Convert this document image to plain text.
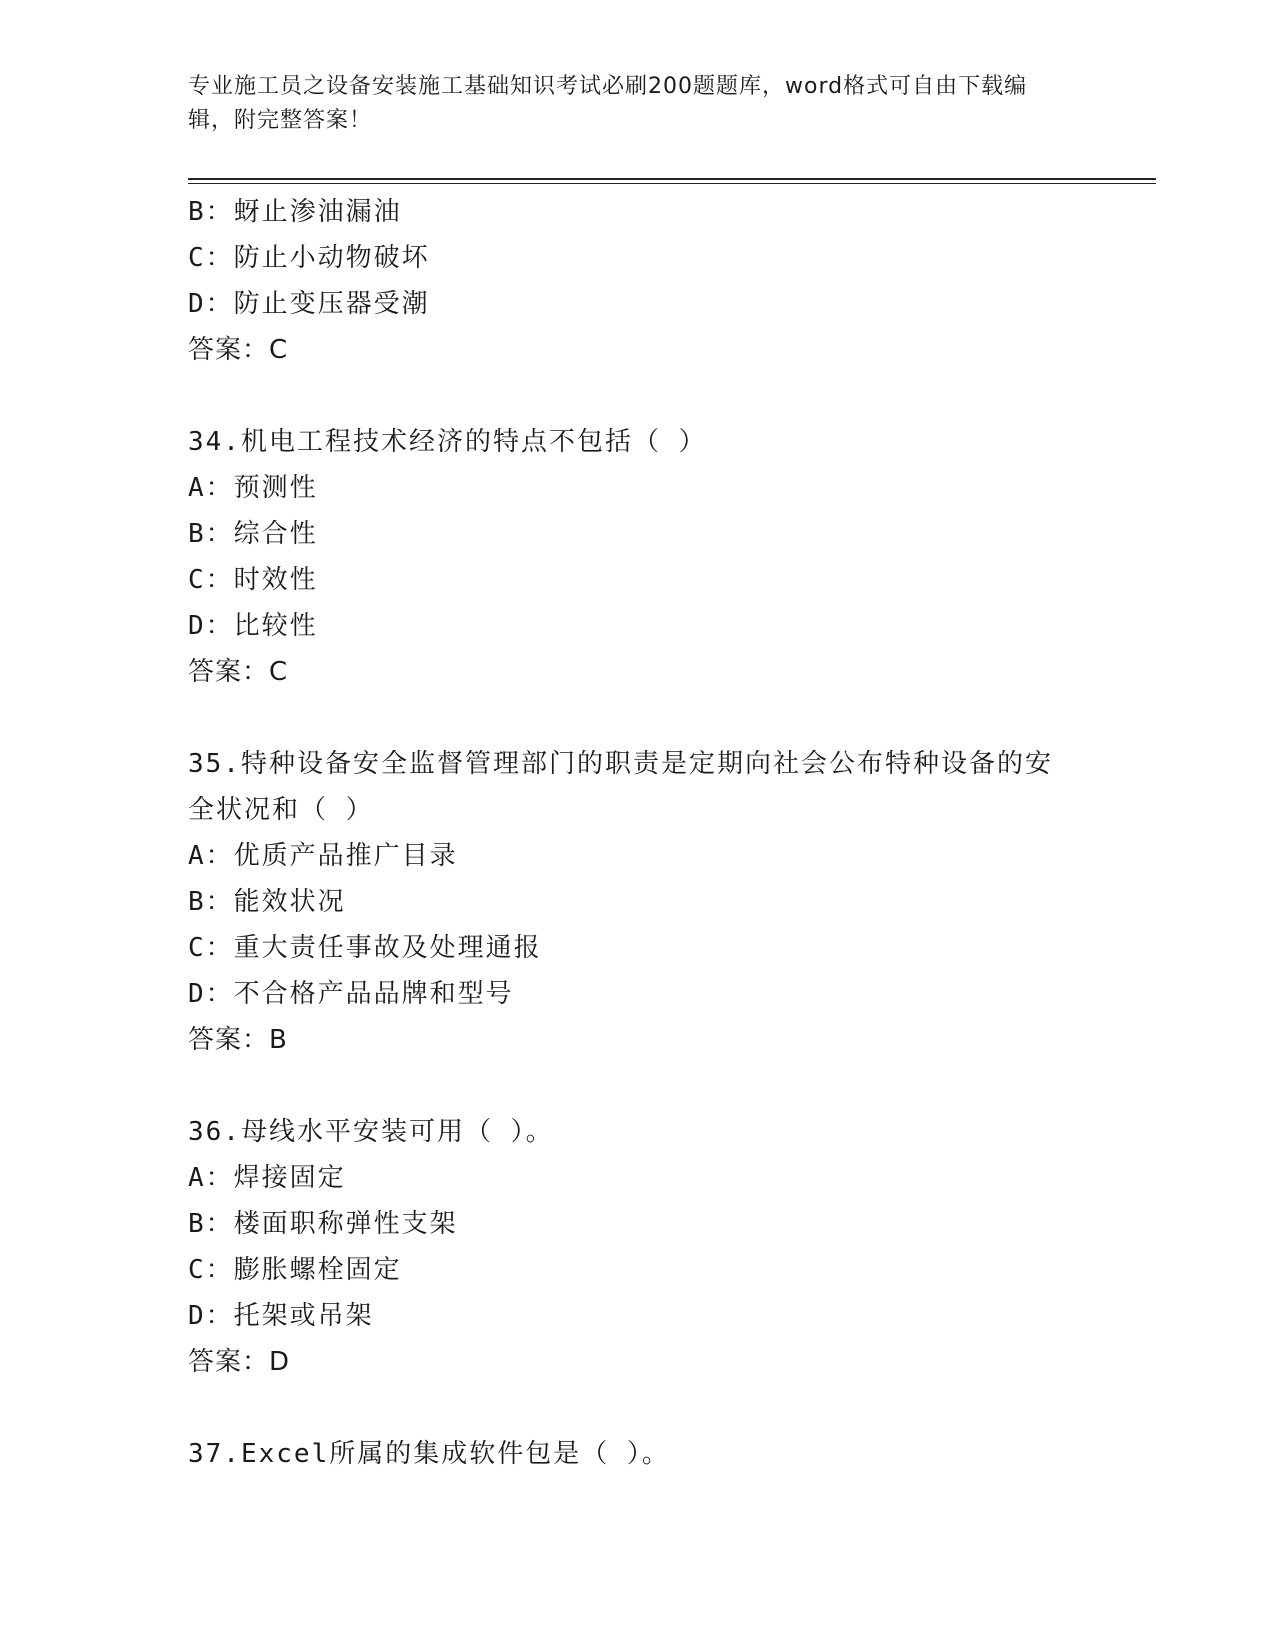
专业施工员之设备安装施工基础知识考试必刷200题题库，word格式可自由下载编辑，附完整答案！
B：蚜止渗油漏油
C：防止小动物破坏
D：防止变压器受潮
答案：C
34.机电工程技术经济的特点不包括（ ）
A：预测性
B：综合性
C：时效性
D：比较性
答案：C
35.特种设备安全监督管理部门的职责是定期向社会公布特种设备的安
全状况和（ ）
A：优质产品推广目录
B：能效状况
C：重大责任事故及处理通报
D：不合格产品品牌和型号
答案：B
36.母线水平安装可用（ ）。
A：焊接固定
B：楼面职称弹性支架
C：膨胀螺栓固定
D：托架或吊架
答案：D
37.Excel所属的集成软件包是（ ）。
